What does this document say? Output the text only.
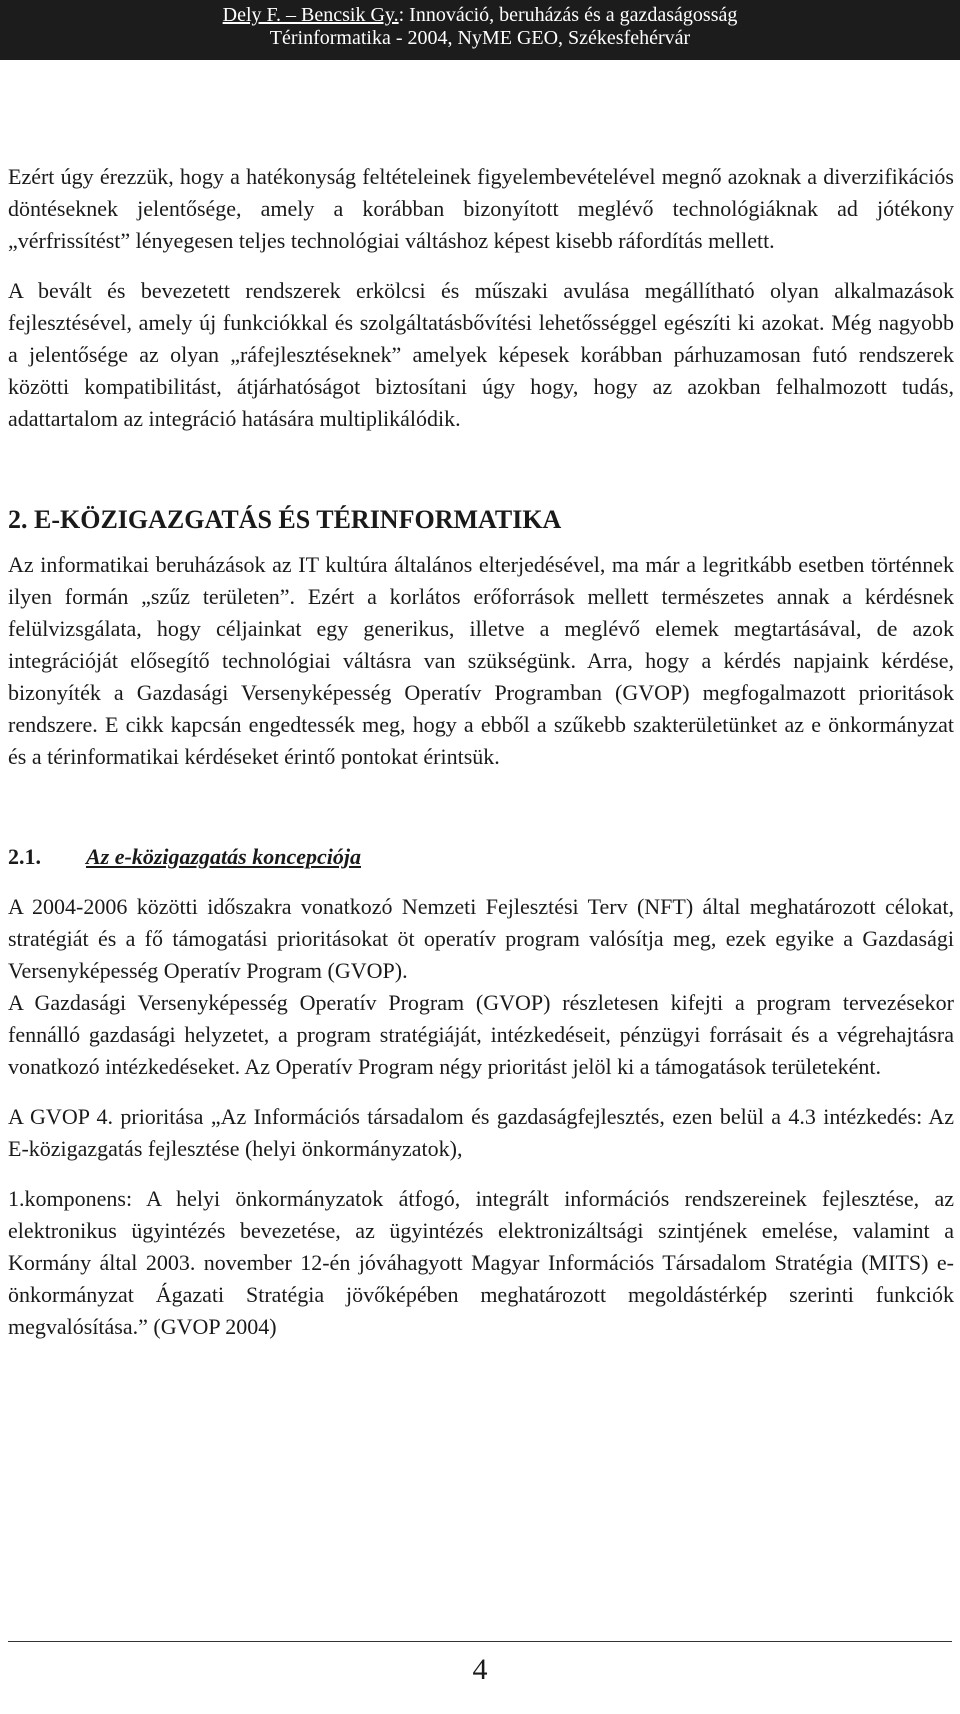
Dely F. – Bencsik Gy.: Innováció, beruházás és a gazdaságosság
Térinformatika - 2004, NyME GEO, Székesfehérvár

Ezért úgy érezzük, hogy a hatékonyság feltételeinek figyelembevételével megnő azoknak a diverzifikációs döntéseknek jelentősége, amely a korábban bizonyított meglévő technológiáknak ad jótékony „vérfrissítést” lényegesen teljes technológiai váltáshoz képest kisebb ráfordítás mellett.

A bevált és bevezetett rendszerek erkölcsi és műszaki avulása megállítható olyan alkalmazások fejlesztésével, amely új funkciókkal és szolgáltatásbővítési lehetősséggel egészíti ki azokat. Még nagyobb a jelentősége az olyan „ráfejlesztéseknek” amelyek képesek korábban párhuzamosan futó rendszerek közötti kompatibilitást, átjárhatóságot biztosítani úgy hogy, hogy az azokban felhalmozott tudás, adattartalom az integráció hatására multiplikálódik.

2. E-KÖZIGAZGATÁS ÉS TÉRINFORMATIKA

Az informatikai beruházások az IT kultúra általános elterjedésével, ma már a legritkább esetben történnek ilyen formán „szűz területen”. Ezért a korlátos erőforrások mellett természetes annak a kérdésnek felülvizsgálata, hogy céljainkat egy generikus, illetve a meglévő elemek megtartásával, de azok integrációját elősegítő technológiai váltásra van szükségünk. Arra, hogy a kérdés napjaink kérdése, bizonyíték a Gazdasági Versenyképesség Operatív Programban (GVOP) megfogalmazott prioritások rendszere. E cikk kapcsán engedtessék meg, hogy a ebből a szűkebb szakterületünket az e önkormányzat és a térinformatikai kérdéseket érintő pontokat érintsük.

2.1. Az e-közigazgatás koncepciója

A 2004-2006 közötti időszakra vonatkozó Nemzeti Fejlesztési Terv (NFT) által meghatározott célokat, stratégiát és a fő támogatási prioritásokat öt operatív program valósítja meg, ezek egyike a Gazdasági Versenyképesség Operatív Program (GVOP).

A Gazdasági Versenyképesség Operatív Program (GVOP) részletesen kifejti a program tervezésekor fennálló gazdasági helyzetet, a program stratégiáját, intézkedéseit, pénzügyi forrásait és a végrehajtásra vonatkozó intézkedéseket. Az Operatív Program négy prioritást jelöl ki a támogatások területeként.

A GVOP 4. prioritása „Az Információs társadalom és gazdaságfejlesztés, ezen belül a 4.3 intézkedés: Az E-közigazgatás fejlesztése (helyi önkormányzatok),

1.komponens: A helyi önkormányzatok átfogó, integrált információs rendszereinek fejlesztése, az elektronikus ügyintézés bevezetése, az ügyintézés elektronizáltsági szintjének emelése, valamint a Kormány által 2003. november 12-én jóváhagyott Magyar Információs Társadalom Stratégia (MITS) e-önkormányzat Ágazati Stratégia jövőképében meghatározott megoldástérkép szerinti funkciók megvalósítása.” (GVOP 2004)

4
